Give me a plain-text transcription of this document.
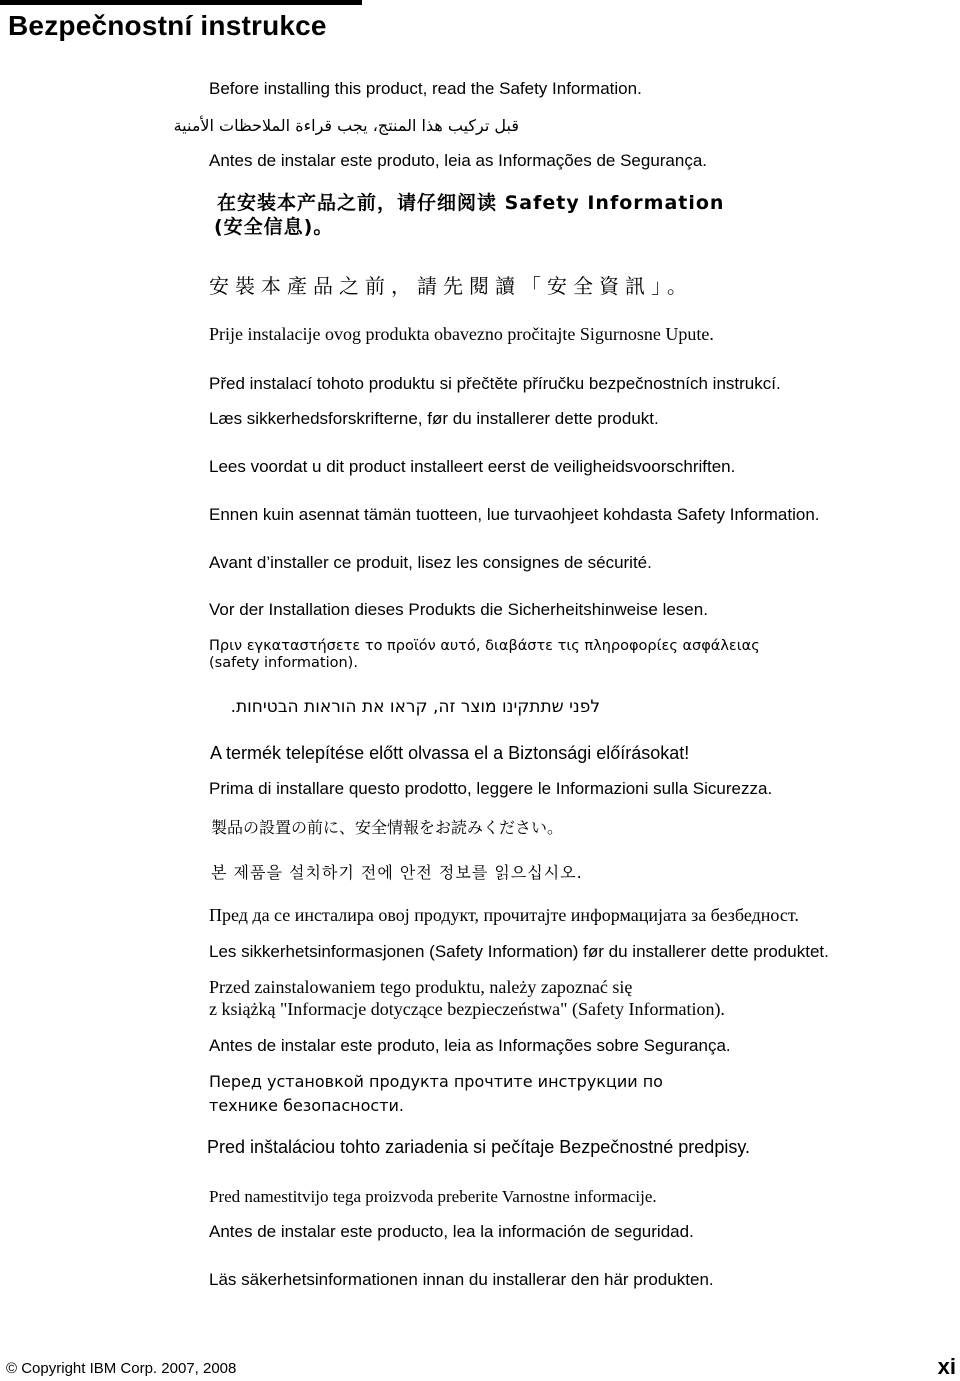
Bezpečnostní instrukce

Before installing this product, read the Safety Information.

قبل تركيب هذا المنتج، يجب قراءة الملاحظات الأمنية

Antes de instalar este produto, leia as Informações de Segurança.

在安装本产品之前，请仔细阅读 Safety Information

(安全信息)。

安裝本產品之前，請先閱讀「安全資訊」。

Prije instalacije ovog produkta obavezno pročitajte Sigurnosne Upute.

Před instalací tohoto produktu si přečtěte příručku bezpečnostních instrukcí.

Læs sikkerhedsforskrifterne, før du installerer dette produkt.

Lees voordat u dit product installeert eerst de veiligheidsvoorschriften.

Ennen kuin asennat tämän tuotteen, lue turvaohjeet kohdasta Safety Information.

Avant d’installer ce produit, lisez les consignes de sécurité.

Vor der Installation dieses Produkts die Sicherheitshinweise lesen.

Πριν εγκαταστήσετε το προϊόν αυτό, διαβάστε τις πληροφορίες ασφάλειας

(safety information).

לפני שתתקינו מוצר זה, קראו את הוראות הבטיחות.

A termék telepítése előtt olvassa el a Biztonsági előírásokat!

Prima di installare questo prodotto, leggere le Informazioni sulla Sicurezza.

製品の設置の前に、安全情報をお読みください。

본 제품을 설치하기 전에 안전 정보를 읽으십시오.

Пред да се инсталира овој продукт, прочитајте информацијата за безбедност.

Les sikkerhetsinformasjonen (Safety Information) før du installerer dette produktet.

Przed zainstalowaniem tego produktu, należy zapoznać się

z książką "Informacje dotyczące bezpieczeństwa" (Safety Information).

Antes de instalar este produto, leia as Informações sobre Segurança.

Перед установкой продукта прочтите инструкции по

технике безопасности.

Pred inštaláciou tohto zariadenia si pečítaje Bezpečnostné predpisy.

Pred namestitvijo tega proizvoda preberite Varnostne informacije.

Antes de instalar este producto, lea la información de seguridad.

Läs säkerhetsinformationen innan du installerar den här produkten.

© Copyright IBM Corp. 2007, 2008	xi
